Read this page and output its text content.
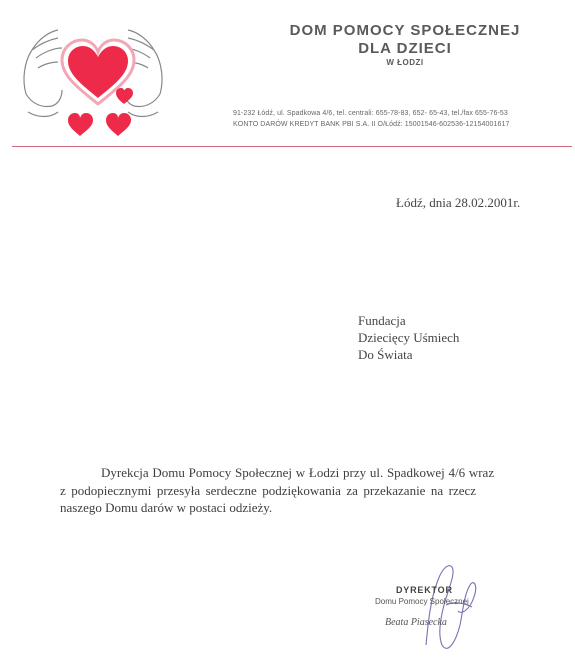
DOM POMOCY SPOŁECZNEJ
DLA DZIECI
W ŁODZI
91-232 Łódź, ul. Spadkowa 4/6, tel. centrali: 655-78-83, 652- 65-43, tel./fax 655-76-53
KONTO DARÓW KREDYT BANK PBI S.A. II O/Łódź: 15001546-602536-12154001617
Łódź, dnia 28.02.2001r.
Fundacja
Dziecięcy Uśmiech
Do Świata
Dyrekcja Domu Pomocy Społecznej w Łodzi przy ul. Spadkowej 4/6 wraz
z podopiecznymi przesyła serdeczne podziękowania za przekazanie na rzecz
naszego Domu darów w postaci odzieży.
DYREKTOR
Domu Pomocy Społecznej
Beata Piasecka
